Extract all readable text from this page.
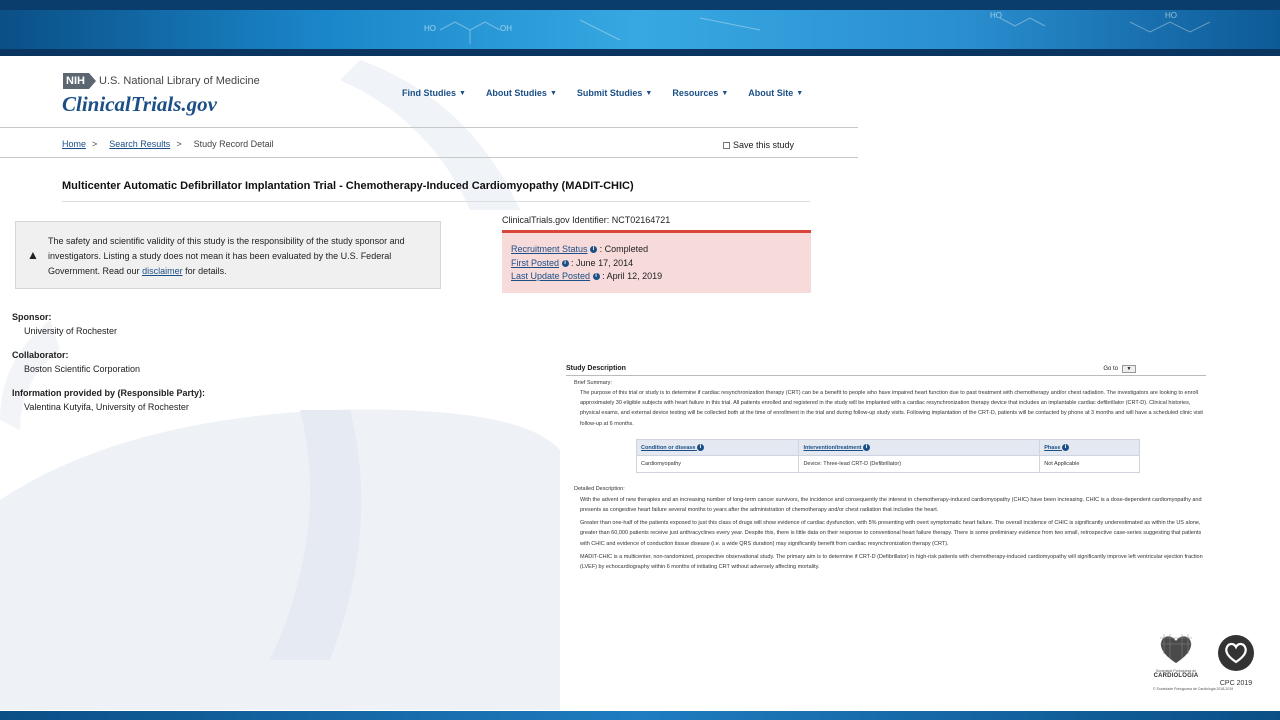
HO	OH
HO	HO
NIH	U.S. National Library of Medicine
ClinicalTrials.gov	Find Studies ▼ About Studies ▼ Submit Studies ▼ Resources ▼ About Site ▼
Home > Search Results > Study Record Detail	Save this study
Multicenter Automatic Defibrillator Implantation Trial - Chemotherapy-Induced Cardiomyopathy (MADIT-CHIC)
▲
The safety and scientific validity of this study is the responsibility of the study sponsor and investigators. Listing a study does not mean it has been evaluated by the U.S. Federal Government. Read our disclaimer for details.
ClinicalTrials.gov Identifier: NCT02164721
Recruitment Status i : Completed
First Posted i : June 17, 2014
Last Update Posted i : April 12, 2019
Sponsor:
University of Rochester
Collaborator:
Boston Scientific Corporation
Information provided by (Responsible Party):
Valentina Kutyifa, University of Rochester
Study Description	Go to	▼
Brief Summary:
The purpose of this trial or study is to determine if cardiac resynchronization therapy (CRT) can be a benefit to people who have impaired heart function due to past treatment with chemotherapy and/or chest radiation. The investigators are looking to enroll approximately 30 eligible subjects with heart failure in this trial. All patients enrolled and registered in the study will be implanted with a cardiac resynchronization therapy device that includes an implantable cardiac defibrillator (CRT-D). Clinical histories, physical exams, and external device testing will be collected both at the time of enrollment in the trial and during follow-up study visits. Following implantation of the CRT-D, patients will be contacted by phone at 3 months and will have a scheduled clinic visit follow-up at 6 months.
Condition or disease i	Intervention/treatment i	Phase i
Cardiomyopathy	Device: Three-lead CRT-D (Defibrillator)	Not Applicable
Detailed Description:
With the advent of new therapies and an increasing number of long-term cancer survivors, the incidence and consequently the interest in chemotherapy-induced cardiomyopathy (CHIC) have been increasing. CHIC is a dose-dependent cardiomyopathy and presents as congestive heart failure several months to years after the administration of chemotherapy and/or chest radiation that includes the heart.
Greater than one-half of the patients exposed to just this class of drugs will show evidence of cardiac dysfunction, with 5% presenting with overt symptomatic heart failure. The overall incidence of CHIC is significantly underestimated as within the US alone, greater than 60,000 patients receive just anthracyclines every year. Despite this, there is little data on their response to conventional heart failure therapy. There is some preliminary evidence from two small, retrospective case-series suggesting that patients with CHIC and evidence of conduction tissue disease (i.e. a wide QRS duration) may significantly benefit from cardiac resynchronization therapy (CRT).
MADIT-CHIC is a multicenter, non-randomized, prospective observational study. The primary aim is to determine if CRT-D (Defibrillator) in high-risk patients with chemotherapy-induced cardiomyopathy will significantly improve left ventricular ejection fraction (LVEF) by echocardiography within 6 months of initiating CRT without adversely affecting mortality.
Sociedade Portuguesa de
CARDIOLOGIA
CPC 2019
© Sociedade Portuguesa de Cardiologia 2018-2019
